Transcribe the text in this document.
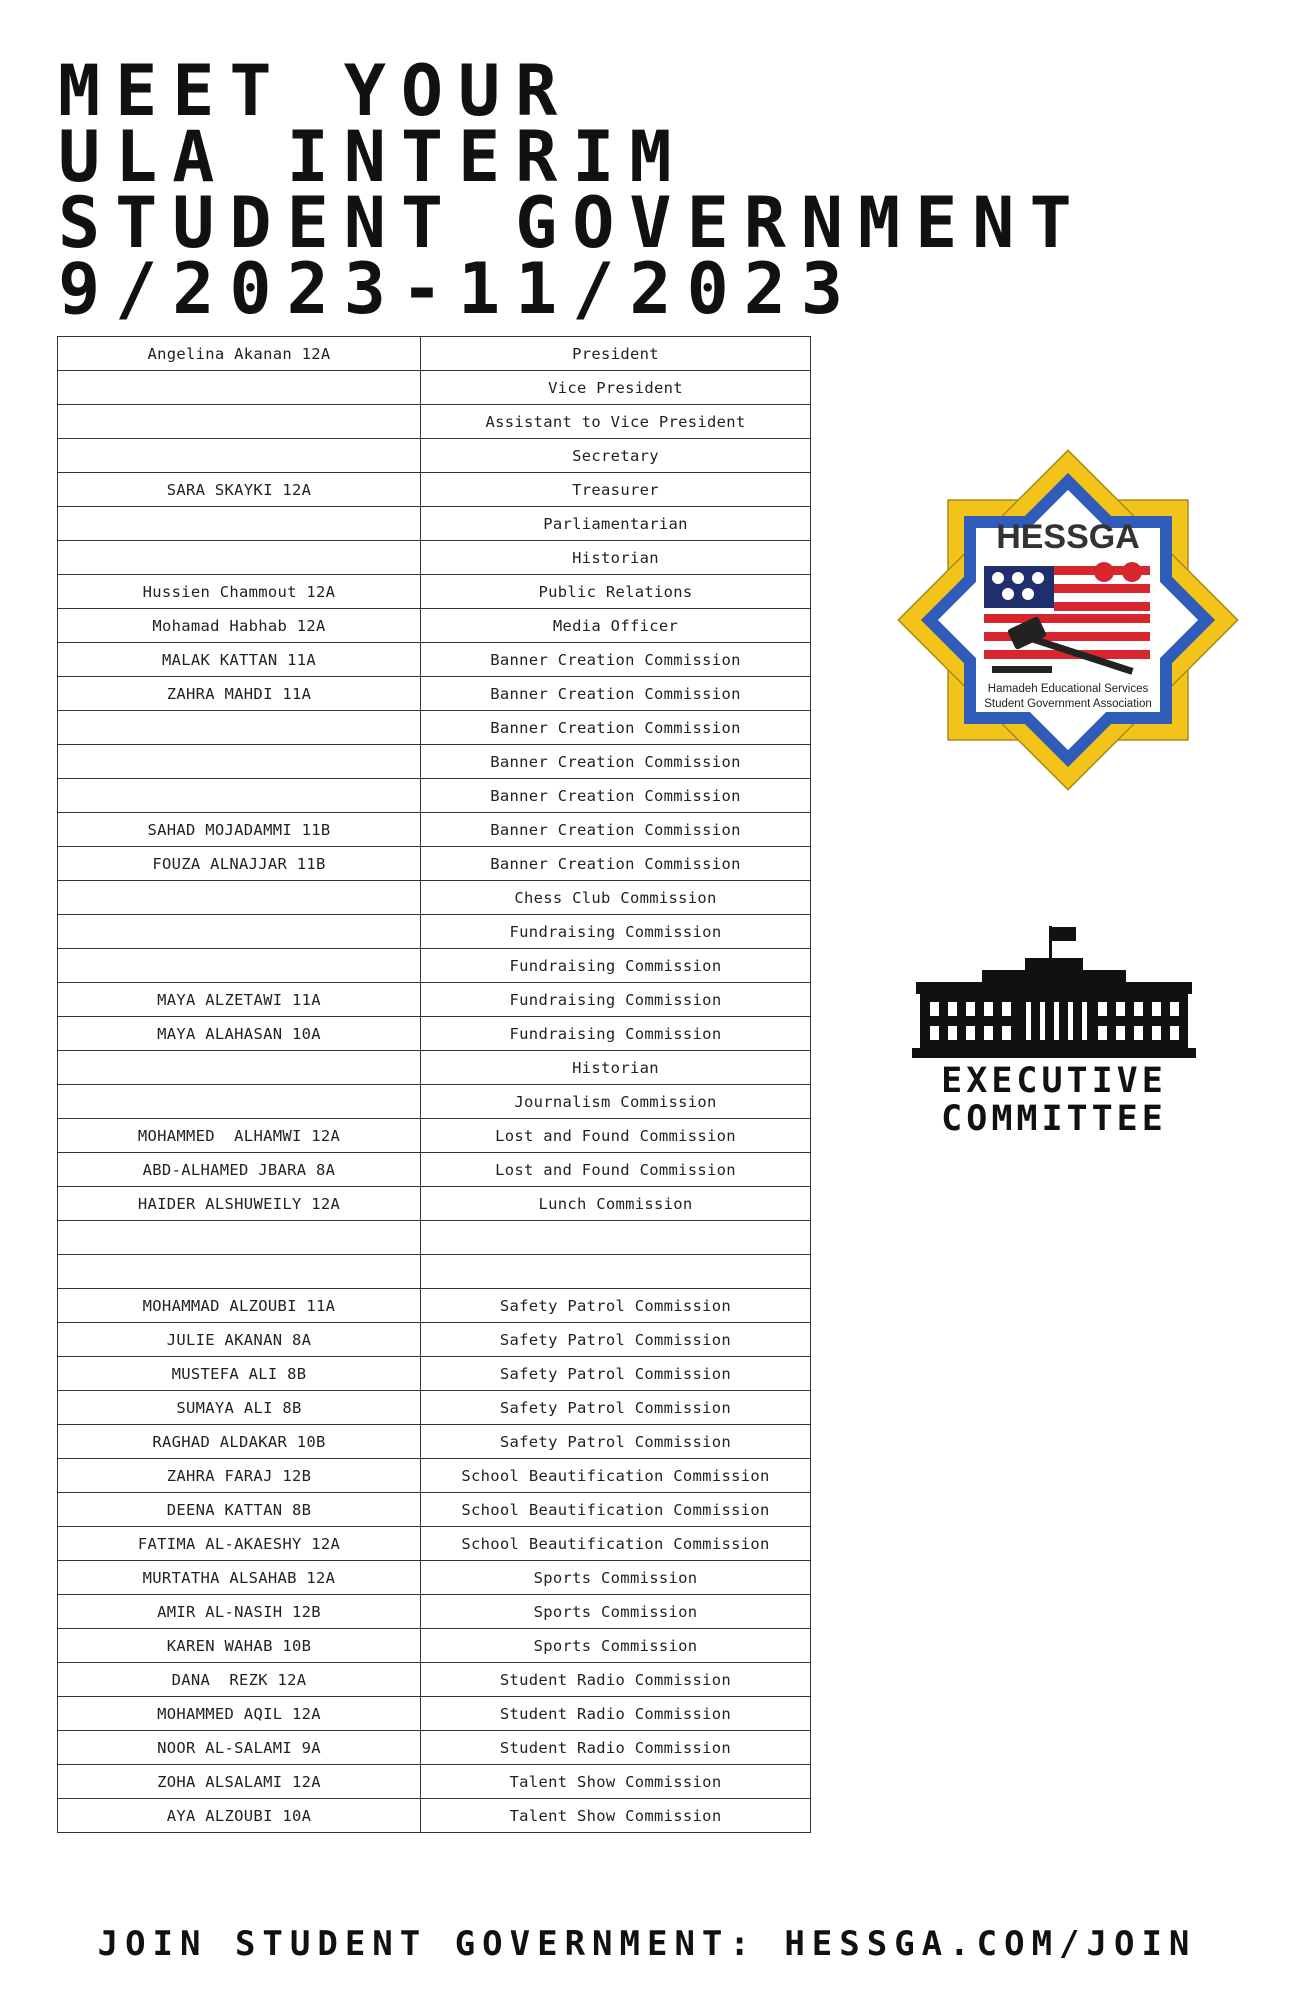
MEET YOUR
ULA INTERIM
STUDENT GOVERNMENT
9/2023-11/2023
Angelina Akanan 12A	President
	Vice President
	Assistant to Vice President
	Secretary
SARA SKAYKI 12A	Treasurer
	Parliamentarian
	Historian
Hussien Chammout 12A	Public Relations
Mohamad Habhab 12A	Media Officer
MALAK KATTAN 11A	Banner Creation Commission
ZAHRA MAHDI 11A	Banner Creation Commission
	Banner Creation Commission
	Banner Creation Commission
	Banner Creation Commission
SAHAD MOJADAMMI 11B	Banner Creation Commission
FOUZA ALNAJJAR 11B	Banner Creation Commission
	Chess Club Commission
	Fundraising Commission
	Fundraising Commission
MAYA ALZETAWI 11A	Fundraising Commission
MAYA ALAHASAN 10A	Fundraising Commission
	Historian
	Journalism Commission
MOHAMMED  ALHAMWI 12A	Lost and Found Commission
ABD-ALHAMED JBARA 8A	Lost and Found Commission
HAIDER ALSHUWEILY 12A	Lunch Commission

MOHAMMAD ALZOUBI 11A	Safety Patrol Commission
JULIE AKANAN 8A	Safety Patrol Commission
MUSTEFA ALI 8B	Safety Patrol Commission
SUMAYA ALI 8B	Safety Patrol Commission
RAGHAD ALDAKAR 10B	Safety Patrol Commission
ZAHRA FARAJ 12B	School Beautification Commission
DEENA KATTAN 8B	School Beautification Commission
FATIMA AL-AKAESHY 12A	School Beautification Commission
MURTATHA ALSAHAB 12A	Sports Commission
AMIR AL-NASIH 12B	Sports Commission
KAREN WAHAB 10B	Sports Commission
DANA  REZK 12A	Student Radio Commission
MOHAMMED AQIL 12A	Student Radio Commission
NOOR AL-SALAMI 9A	Student Radio Commission
ZOHA ALSALAMI 12A	Talent Show Commission
AYA ALZOUBI 10A	Talent Show Commission
HESSGA
Hamadeh Educational Services
Student Government Association
EXECUTIVE
COMMITTEE
JOIN STUDENT GOVERNMENT: HESSGA.COM/JOIN
